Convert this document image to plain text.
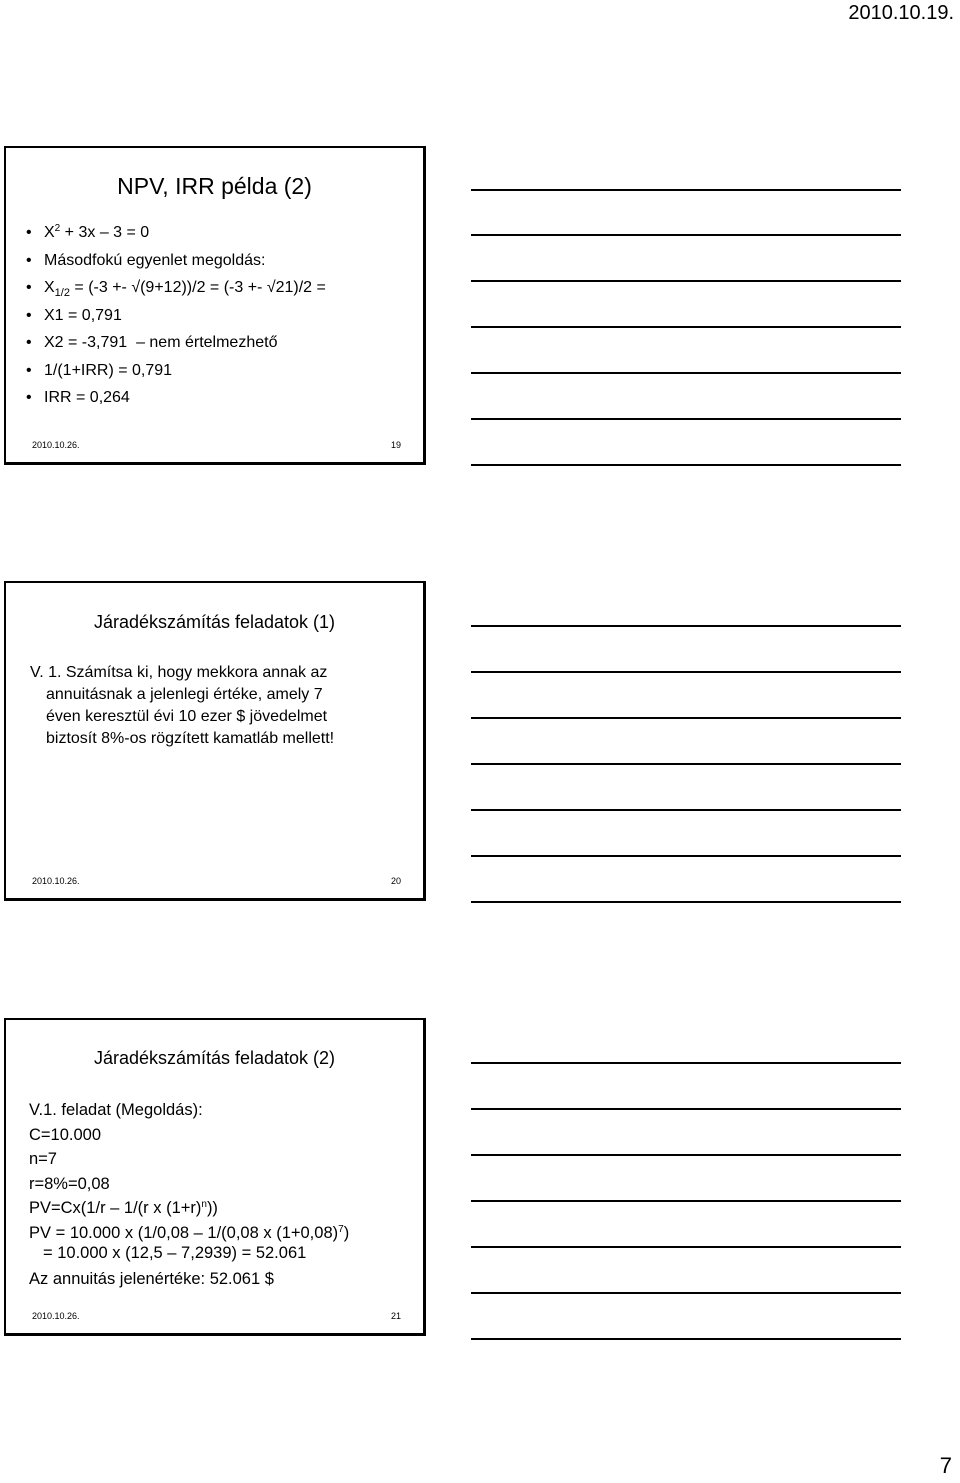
2010.10.19.
NPV, IRR példa (2)
• $X^2 + 3x - 3 = 0$
• Másodfokú egyenlet megoldás:
• $X_{1/2} = (-3 +- √(9+12))/2 = (-3 +- √21)/2$ =
• X1 = 0,791
• X2 = -3,791  – nem értelmezhető
• 1/(1+IRR) = 0,791
• IRR = 0,264
2010.10.26.	19
Járadékszámítás feladatok (1)
V. 1. Számítsa ki, hogy mekkora annak az
annuitásnak a jelenlegi értéke, amely 7
éven keresztül évi 10 ezer $ jövedelmet
biztosít 8%-os rögzített kamatláb mellett!
2010.10.26.	20
Járadékszámítás feladatok (2)
V.1. feladat (Megoldás):
C=10.000
n=7
r=8%=0,08
PV=Cx(1/r – 1/(r x $(1+r)^n$))
PV = 10.000 x (1/0,08 – 1/(0,08 x $(1+0,08)^7$)
= 10.000 x (12,5 – 7,2939) = 52.061
Az annuitás jelenértéke: 52.061 $
2010.10.26.	21
7
